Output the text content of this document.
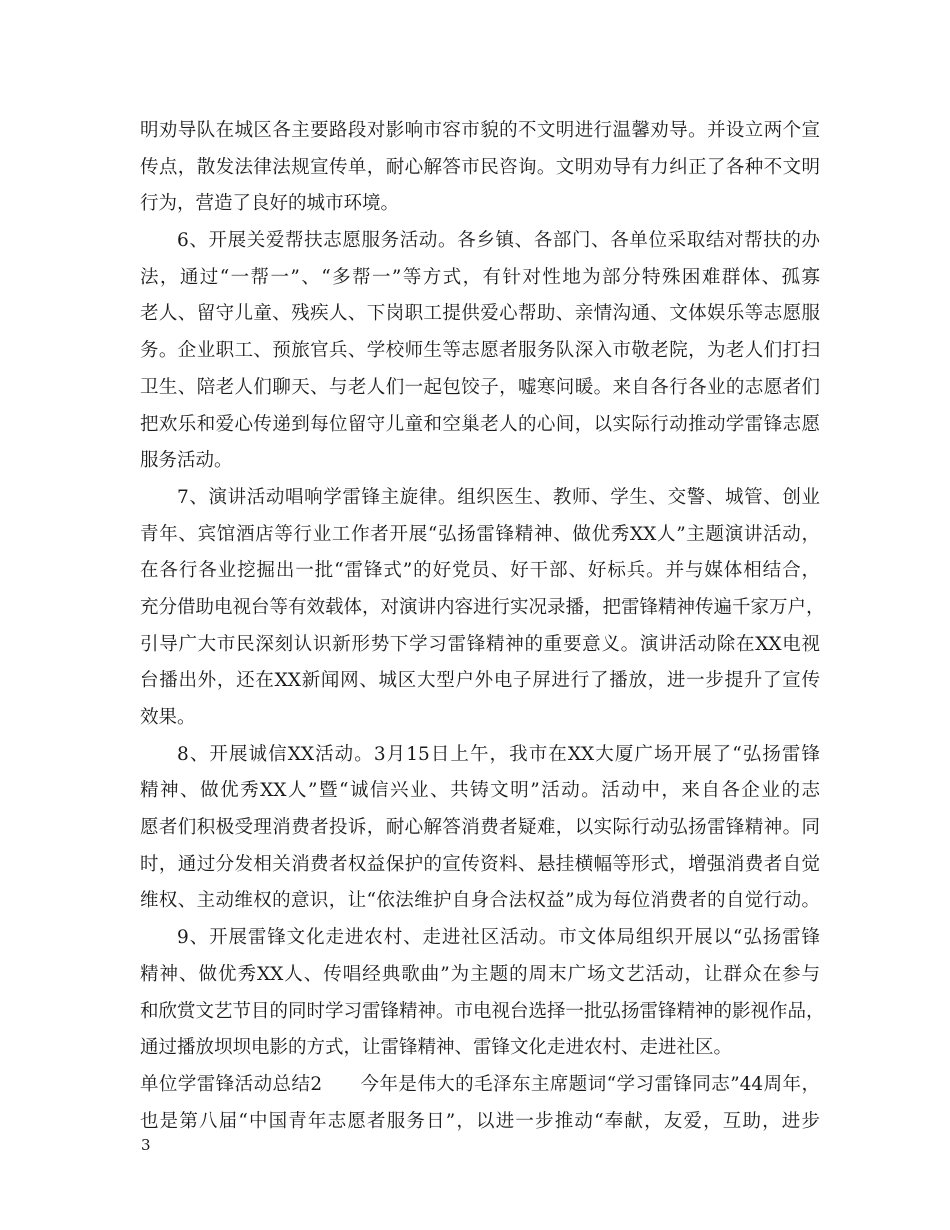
明劝导队在城区各主要路段对影响市容市貌的不文明进行温馨劝导。并设立两个宣
传点，散发法律法规宣传单，耐心解答市民咨询。文明劝导有力纠正了各种不文明
行为，营造了良好的城市环境。
6、开展关爱帮扶志愿服务活动。各乡镇、各部门、各单位采取结对帮扶的办
法，通过“一帮一”、“多帮一”等方式，有针对性地为部分特殊困难群体、孤寡
老人、留守儿童、残疾人、下岗职工提供爱心帮助、亲情沟通、文体娱乐等志愿服
务。企业职工、预旅官兵、学校师生等志愿者服务队深入市敬老院，为老人们打扫
卫生、陪老人们聊天、与老人们一起包饺子，嘘寒问暖。来自各行各业的志愿者们
把欢乐和爱心传递到每位留守儿童和空巢老人的心间，以实际行动推动学雷锋志愿
服务活动。
7、演讲活动唱响学雷锋主旋律。组织医生、教师、学生、交警、城管、创业
青年、宾馆酒店等行业工作者开展“弘扬雷锋精神、做优秀XX人”主题演讲活动，
在各行各业挖掘出一批“雷锋式”的好党员、好干部、好标兵。并与媒体相结合，
充分借助电视台等有效载体，对演讲内容进行实况录播，把雷锋精神传遍千家万户，
引导广大市民深刻认识新形势下学习雷锋精神的重要意义。演讲活动除在XX电视
台播出外，还在XX新闻网、城区大型户外电子屏进行了播放，进一步提升了宣传
效果。
8、开展诚信XX活动。3月15日上午，我市在XX大厦广场开展了“弘扬雷锋
精神、做优秀XX人”暨“诚信兴业、共铸文明”活动。活动中，来自各企业的志
愿者们积极受理消费者投诉，耐心解答消费者疑难，以实际行动弘扬雷锋精神。同
时，通过分发相关消费者权益保护的宣传资料、悬挂横幅等形式，增强消费者自觉
维权、主动维权的意识，让“依法维护自身合法权益”成为每位消费者的自觉行动。
9、开展雷锋文化走进农村、走进社区活动。市文体局组织开展以“弘扬雷锋
精神、做优秀XX人、传唱经典歌曲”为主题的周末广场文艺活动，让群众在参与
和欣赏文艺节目的同时学习雷锋精神。市电视台选择一批弘扬雷锋精神的影视作品，
通过播放坝坝电影的方式，让雷锋精神、雷锋文化走进农村、走进社区。
单位学雷锋活动总结2　　今年是伟大的毛泽东主席题词“学习雷锋同志”44周年，
也是第八届“中国青年志愿者服务日”，以进一步推动“奉献，友爱，互助，进步
3
